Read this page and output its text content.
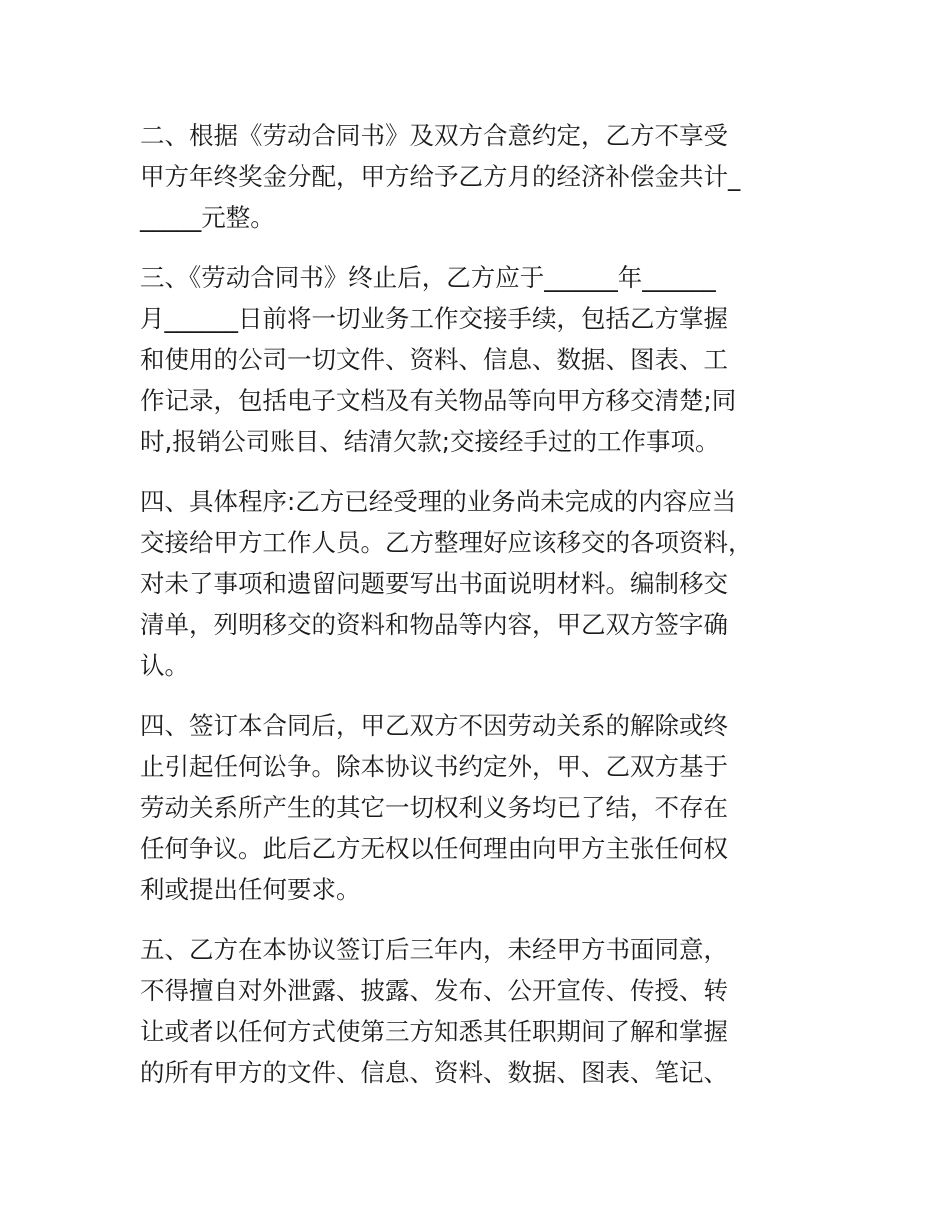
二、根据《劳动合同书》及双方合意约定，乙方不享受
甲方年终奖金分配，甲方给予乙方月的经济补偿金共计_
_____元整。

三、《劳动合同书》终止后，乙方应于______年______
月______日前将一切业务工作交接手续，包括乙方掌握
和使用的公司一切文件、资料、信息、数据、图表、工
作记录，包括电子文档及有关物品等向甲方移交清楚;同
时,报销公司账目、结清欠款;交接经手过的工作事项。

四、具体程序:乙方已经受理的业务尚未完成的内容应当
交接给甲方工作人员。乙方整理好应该移交的各项资料，
对未了事项和遗留问题要写出书面说明材料。编制移交
清单，列明移交的资料和物品等内容，甲乙双方签字确
认。

四、签订本合同后，甲乙双方不因劳动关系的解除或终
止引起任何讼争。除本协议书约定外，甲、乙双方基于
劳动关系所产生的其它一切权利义务均已了结，不存在
任何争议。此后乙方无权以任何理由向甲方主张任何权
利或提出任何要求。

五、乙方在本协议签订后三年内，未经甲方书面同意，
不得擅自对外泄露、披露、发布、公开宣传、传授、转
让或者以任何方式使第三方知悉其任职期间了解和掌握
的所有甲方的文件、信息、资料、数据、图表、笔记、
